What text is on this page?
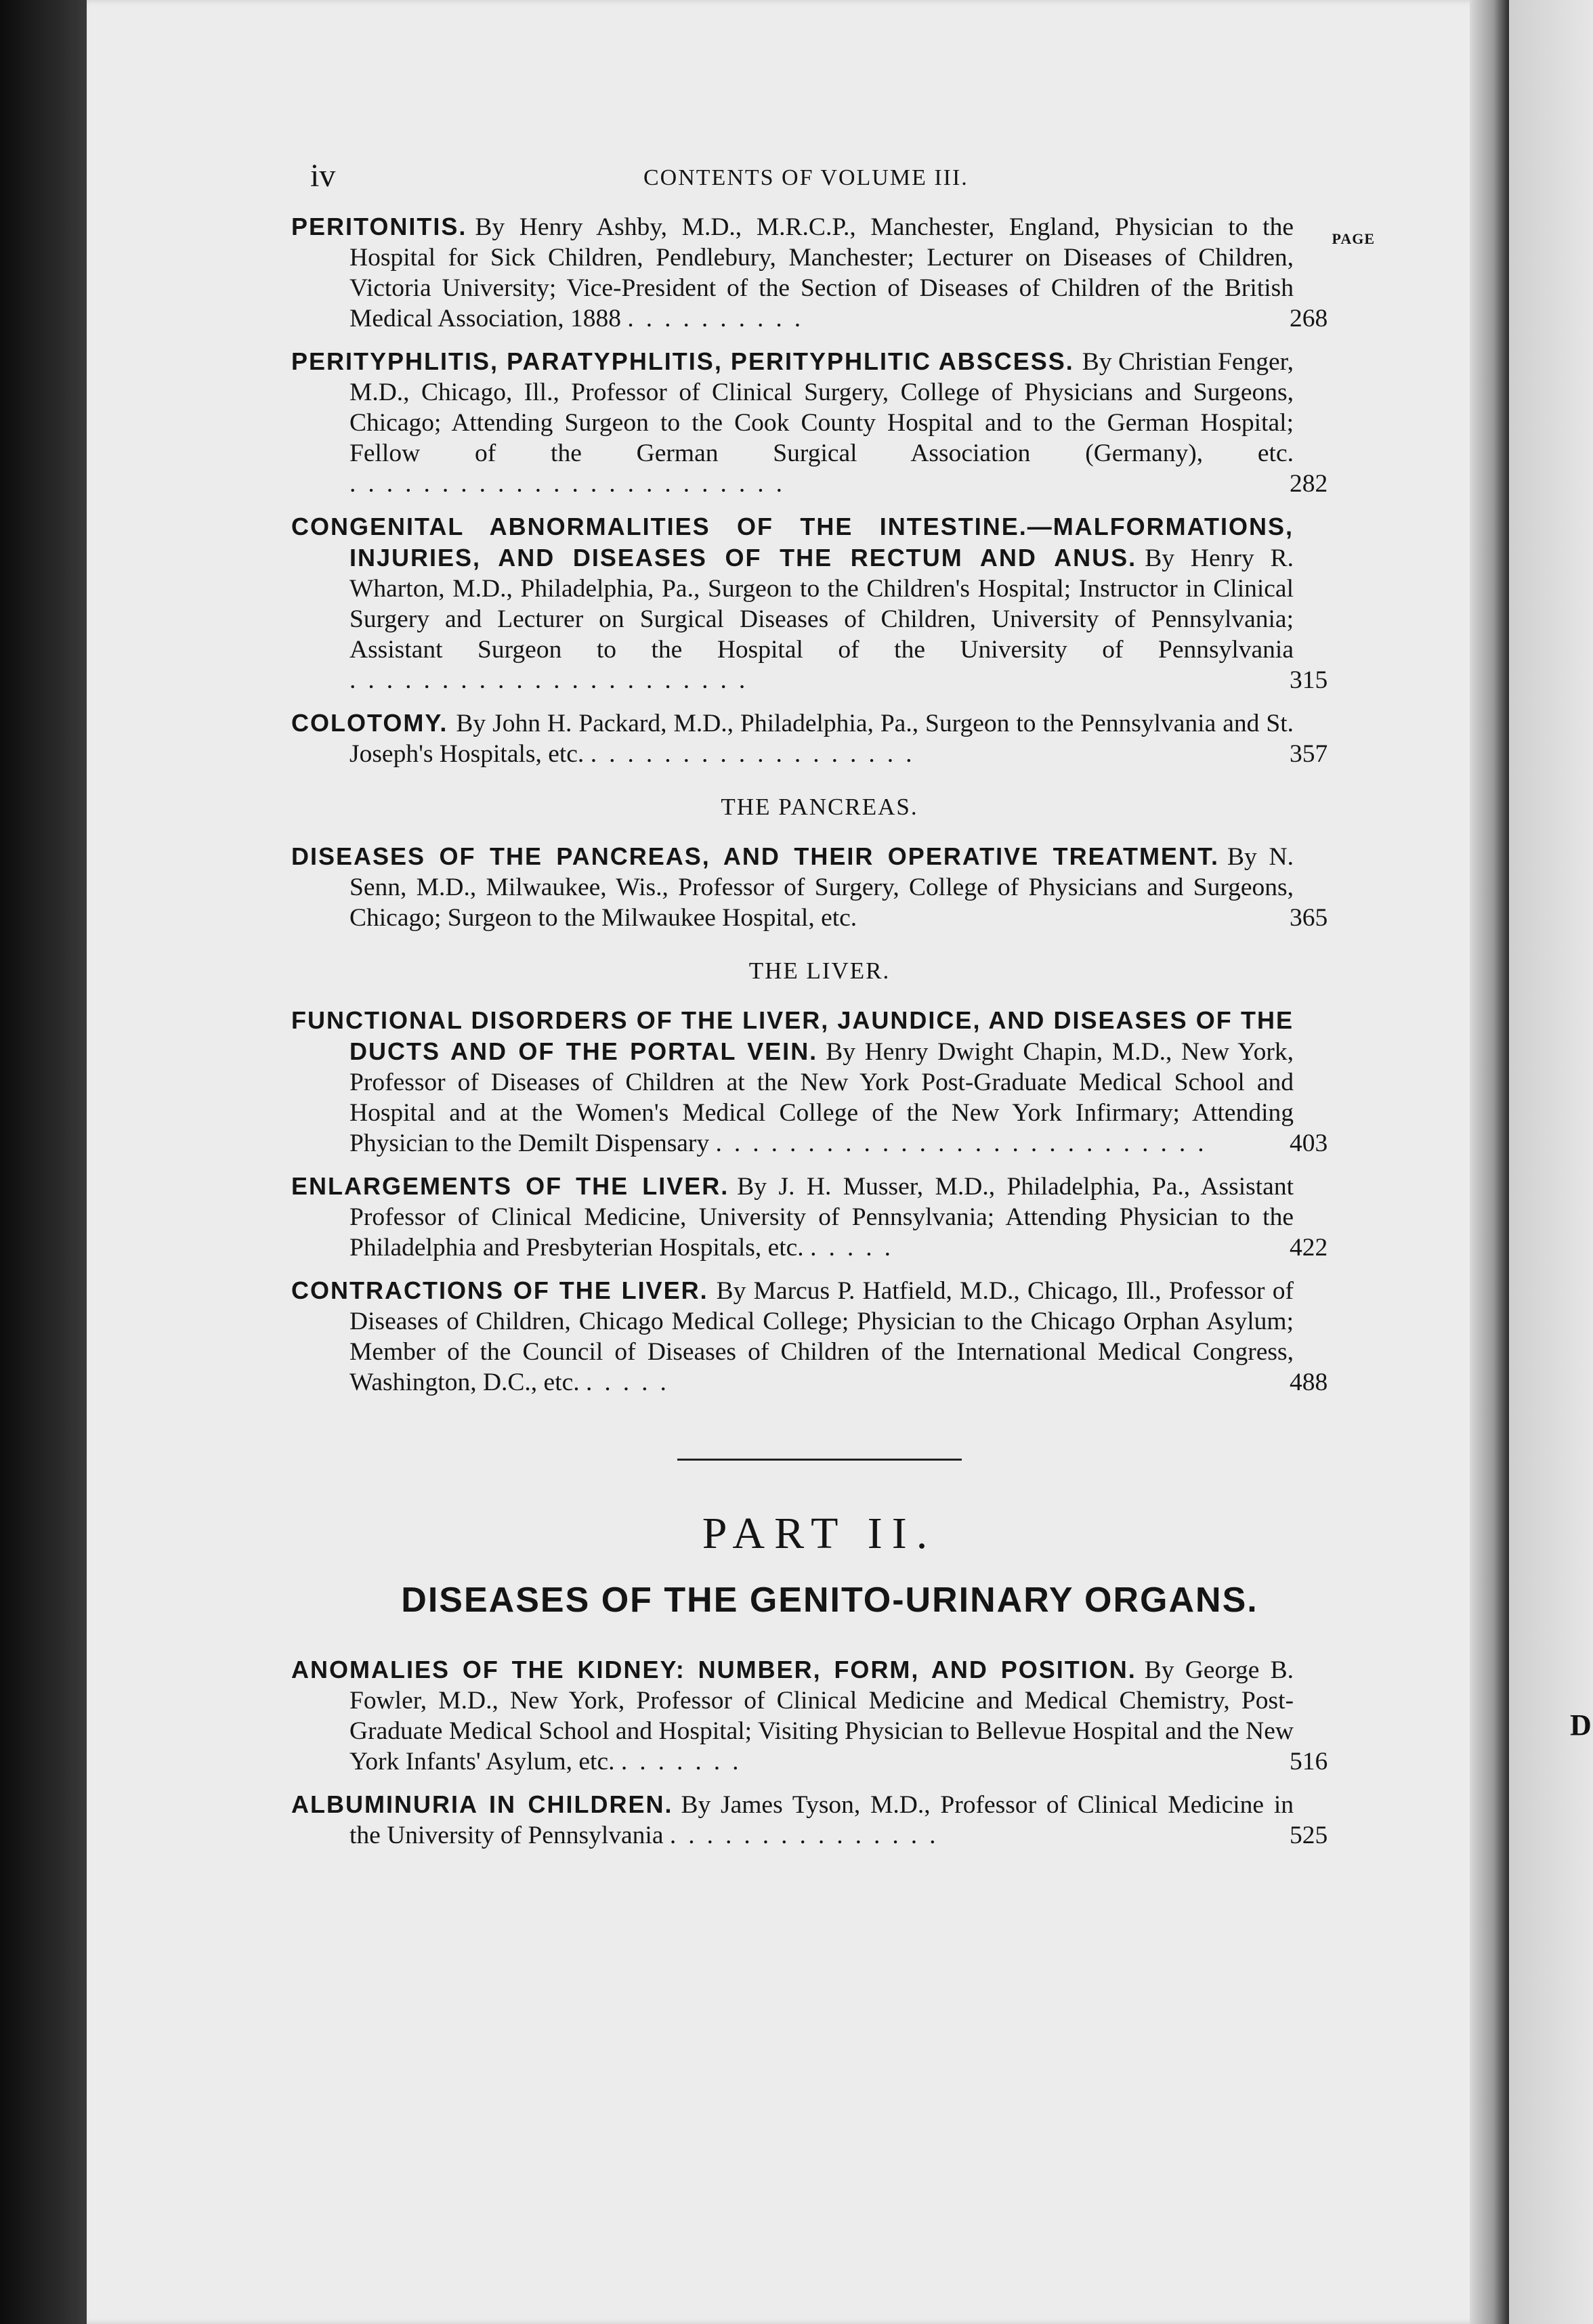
D
iv	CONTENTS OF VOLUME III.
PAGE
PERITONITIS. By Henry Ashby, M.D., M.R.C.P., Manchester, England, Physician to the Hospital for Sick Children, Pendlebury, Manchester; Lecturer on Diseases of Children, Victoria University; Vice-President of the Section of Diseases of Children of the British Medical Association, 1888 ..........	268
PERITYPHLITIS, PARATYPHLITIS, PERITYPHLITIC ABSCESS. By Christian Fenger, M.D., Chicago, Ill., Professor of Clinical Surgery, College of Physicians and Surgeons, Chicago; Attending Surgeon to the Cook County Hospital and to the German Hospital; Fellow of the German Surgical Association (Germany), etc. ........................	282
CONGENITAL ABNORMALITIES OF THE INTESTINE.—MALFORMATIONS, INJURIES, AND DISEASES OF THE RECTUM AND ANUS. By Henry R. Wharton, M.D., Philadelphia, Pa., Surgeon to the Children's Hospital; Instructor in Clinical Surgery and Lecturer on Surgical Diseases of Children, University of Pennsylvania; Assistant Surgeon to the Hospital of the University of Pennsylvania ......................	315
COLOTOMY. By John H. Packard, M.D., Philadelphia, Pa., Surgeon to the Pennsylvania and St. Joseph's Hospitals, etc. ..................	357
THE PANCREAS.
DISEASES OF THE PANCREAS, AND THEIR OPERATIVE TREATMENT. By N. Senn, M.D., Milwaukee, Wis., Professor of Surgery, College of Physicians and Surgeons, Chicago; Surgeon to the Milwaukee Hospital, etc.	365
THE LIVER.
FUNCTIONAL DISORDERS OF THE LIVER, JAUNDICE, AND DISEASES OF THE DUCTS AND OF THE PORTAL VEIN. By Henry Dwight Chapin, M.D., New York, Professor of Diseases of Children at the New York Post-Graduate Medical School and Hospital and at the Women's Medical College of the New York Infirmary; Attending Physician to the Demilt Dispensary ...........................	403
ENLARGEMENTS OF THE LIVER. By J. H. Musser, M.D., Philadelphia, Pa., Assistant Professor of Clinical Medicine, University of Pennsylvania; Attending Physician to the Philadelphia and Presbyterian Hospitals, etc. .....	422
CONTRACTIONS OF THE LIVER. By Marcus P. Hatfield, M.D., Chicago, Ill., Professor of Diseases of Children, Chicago Medical College; Physician to the Chicago Orphan Asylum; Member of the Council of Diseases of Children of the International Medical Congress, Washington, D.C., etc. .....	488
PART II.
DISEASES OF THE GENITO-URINARY ORGANS.
ANOMALIES OF THE KIDNEY: NUMBER, FORM, AND POSITION. By George B. Fowler, M.D., New York, Professor of Clinical Medicine and Medical Chemistry, Post-Graduate Medical School and Hospital; Visiting Physician to Bellevue Hospital and the New York Infants' Asylum, etc. .......	516
ALBUMINURIA IN CHILDREN. By James Tyson, M.D., Professor of Clinical Medicine in the University of Pennsylvania ...............	525
